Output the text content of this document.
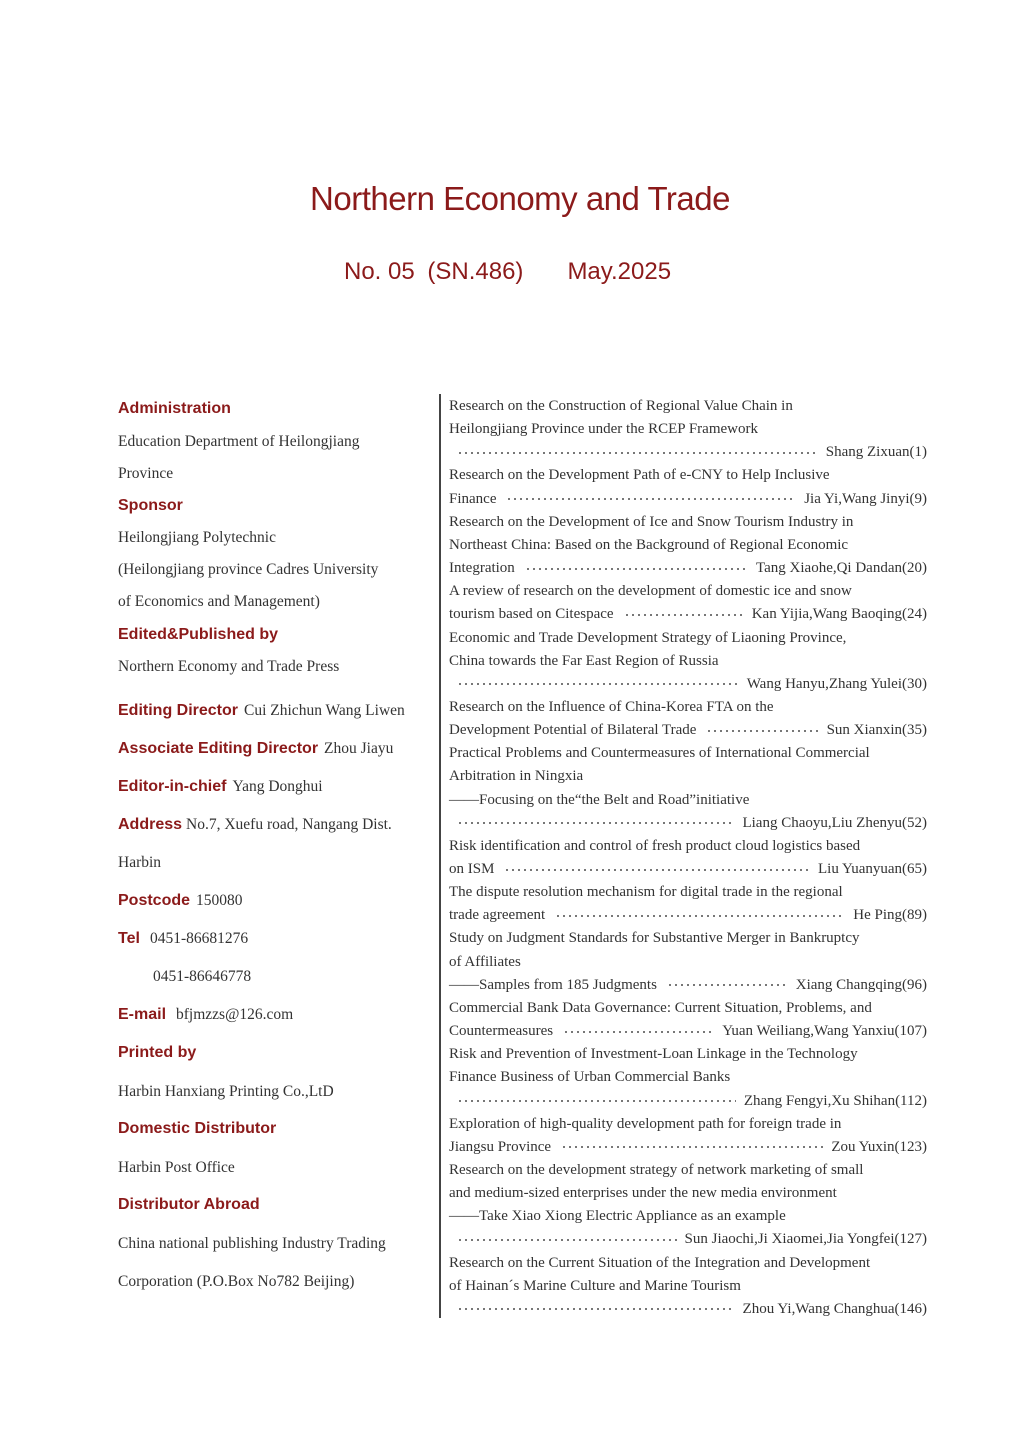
Northern Economy and Trade
No. 05 (SN.486) May.2025
Administration
Education Department of Heilongjiang
Province
Sponsor
Heilongjiang Polytechnic
(Heilongjiang province Cadres University
of Economics and Management)
Edited&Published by
Northern Economy and Trade Press
Editing Director Cui Zhichun Wang Liwen
Associate Editing Director Zhou Jiayu
Editor-in-chief Yang Donghui
Address No.7, Xuefu road, Nangang Dist.
Harbin
Postcode 150080
Tel 0451-86681276
0451-86646778
E-mail bfjmzzs@126.com
Printed by
Harbin Hanxiang Printing Co.,LtD
Domestic Distributor
Harbin Post Office
Distributor Abroad
China national publishing Industry Trading
Corporation (P.O.Box No782 Beijing)
Research on the Construction of Regional Value Chain in
Heilongjiang Province under the RCEP Framework
Shang Zixuan(1)
Research on the Development Path of e-CNY to Help Inclusive
Finance	Jia Yi,Wang Jinyi(9)
Research on the Development of Ice and Snow Tourism Industry in
Northeast China: Based on the Background of Regional Economic
Integration	Tang Xiaohe,Qi Dandan(20)
A review of research on the development of domestic ice and snow
tourism based on Citespace	Kan Yijia,Wang Baoqing(24)
Economic and Trade Development Strategy of Liaoning Province,
China towards the Far East Region of Russia
Wang Hanyu,Zhang Yulei(30)
Research on the Influence of China-Korea FTA on the
Development Potential of Bilateral Trade	Sun Xianxin(35)
Practical Problems and Countermeasures of International Commercial
Arbitration in Ningxia
——Focusing on the“the Belt and Road”initiative
Liang Chaoyu,Liu Zhenyu(52)
Risk identification and control of fresh product cloud logistics based
on ISM	Liu Yuanyuan(65)
The dispute resolution mechanism for digital trade in the regional
trade agreement	He Ping(89)
Study on Judgment Standards for Substantive Merger in Bankruptcy
of Affiliates
——Samples from 185 Judgments	Xiang Changqing(96)
Commercial Bank Data Governance: Current Situation, Problems, and
Countermeasures	Yuan Weiliang,Wang Yanxiu(107)
Risk and Prevention of Investment-Loan Linkage in the Technology
Finance Business of Urban Commercial Banks
Zhang Fengyi,Xu Shihan(112)
Exploration of high-quality development path for foreign trade in
Jiangsu Province	Zou Yuxin(123)
Research on the development strategy of network marketing of small
and medium-sized enterprises under the new media environment
——Take Xiao Xiong Electric Appliance as an example
Sun Jiaochi,Ji Xiaomei,Jia Yongfei(127)
Research on the Current Situation of the Integration and Development
of Hainan´s Marine Culture and Marine Tourism
Zhou Yi,Wang Changhua(146)
